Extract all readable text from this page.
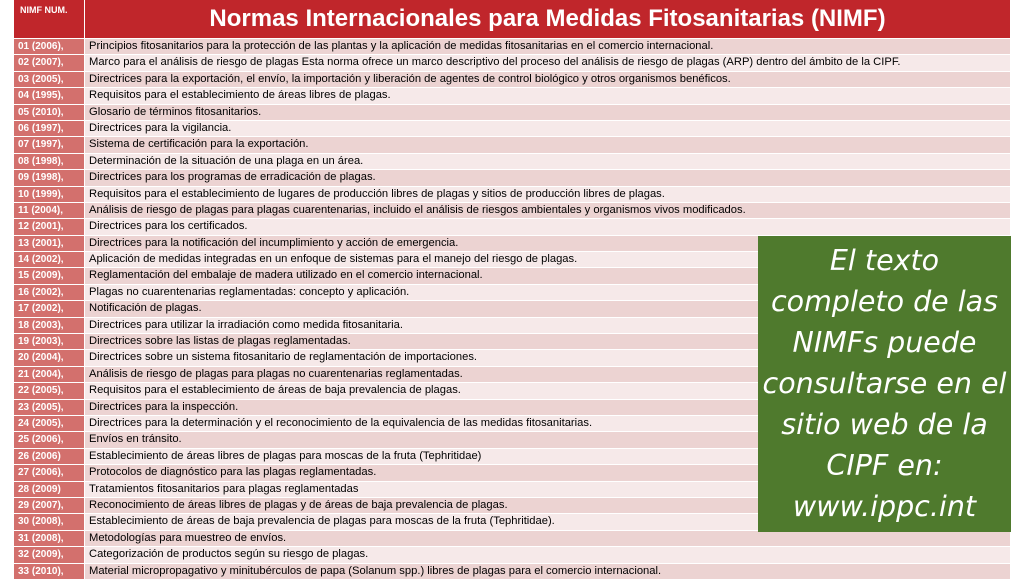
NIMF NUM.	Normas Internacionales para Medidas Fitosanitarias (NIMF)
01 (2006),	Principios fitosanitarios para la protección de las plantas y la aplicación de medidas fitosanitarias en el comercio internacional.
02 (2007),	Marco para el análisis de riesgo de plagas Esta norma ofrece un marco descriptivo del proceso del análisis de riesgo de plagas (ARP) dentro del ámbito de la CIPF.
03 (2005),	Directrices para la exportación, el envío, la importación y liberación de agentes de control biológico y otros organismos benéficos.
04 (1995),	Requisitos para el establecimiento de áreas libres de plagas.
05 (2010),	Glosario de términos fitosanitarios.
06 (1997),	Directrices para la vigilancia.
07 (1997),	Sistema de certificación para la exportación.
08 (1998),	Determinación de la situación de una plaga en un área.
09 (1998),	Directrices para los programas de erradicación de plagas.
10 (1999),	Requisitos para el establecimiento de lugares de producción libres de plagas y sitios de producción libres de plagas.
11 (2004),	Análisis de riesgo de plagas para plagas cuarentenarias, incluido el análisis de riesgos ambientales y organismos vivos modificados.
12 (2001),	Directrices para los certificados.
13 (2001),	Directrices para la notificación del incumplimiento y acción de emergencia.
14 (2002),	Aplicación de medidas integradas en un enfoque de sistemas para el manejo del riesgo de plagas.
15 (2009),	Reglamentación del embalaje de madera utilizado en el comercio internacional.
16 (2002),	Plagas no cuarentenarias reglamentadas: concepto y aplicación.
17 (2002),	Notificación de plagas.
18 (2003),	Directrices para utilizar la irradiación como medida fitosanitaria.
19 (2003),	Directrices sobre las listas de plagas reglamentadas.
20 (2004),	Directrices sobre un sistema fitosanitario de reglamentación de importaciones.
21 (2004),	Análisis de riesgo de plagas para plagas no cuarentenarias reglamentadas.
22 (2005),	Requisitos para el establecimiento de áreas de baja prevalencia de plagas.
23 (2005),	Directrices para la inspección.
24 (2005),	Directrices para la determinación y el reconocimiento de la equivalencia de las medidas fitosanitarias.
25 (2006),	Envíos en tránsito.
26 (2006)	Establecimiento de áreas libres de plagas para moscas de la fruta (Tephritidae)
27 (2006),	Protocolos de diagnóstico para las plagas reglamentadas.
28 (2009)	Tratamientos fitosanitarios para plagas reglamentadas
29 (2007),	Reconocimiento de áreas libres de plagas y de áreas de baja prevalencia de plagas.
30 (2008),	Establecimiento de áreas de baja prevalencia de plagas para moscas de la fruta (Tephritidae).
31 (2008),	Metodologías para muestreo de envíos.
32 (2009),	Categorización de productos según su riesgo de plagas.
33 (2010),	Material micropropagativo y minitubérculos de papa (Solanum spp.) libres de plagas para el comercio internacional.
El texto
completo de las
NIMFs puede
consultarse en el
sitio web de la
CIPF en:
www.ippc.int
